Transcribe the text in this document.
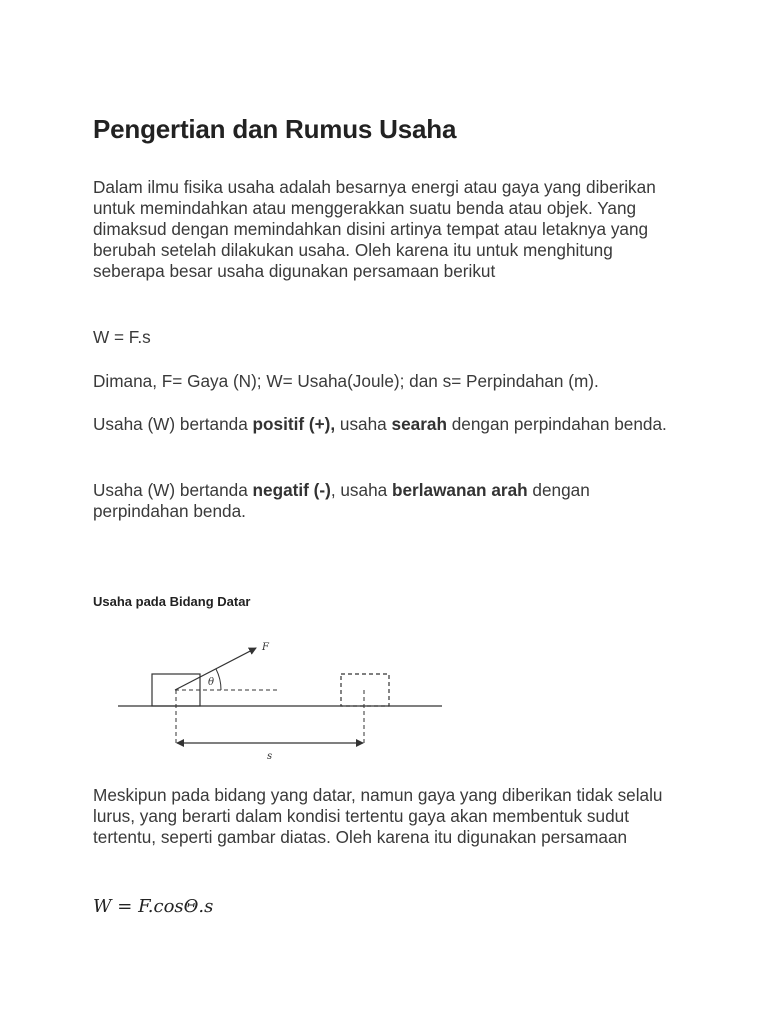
Pengertian dan Rumus Usaha

Dalam ilmu fisika usaha adalah besarnya energi atau gaya yang diberikan untuk memindahkan atau menggerakkan suatu benda atau objek. Yang dimaksud dengan memindahkan disini artinya tempat atau letaknya yang berubah setelah dilakukan usaha. Oleh karena itu untuk menghitung seberapa besar usaha digunakan persamaan berikut

W = F.s

Dimana, F= Gaya (N); W= Usaha(Joule); dan s= Perpindahan (m).

Usaha (W) bertanda positif (+), usaha searah dengan perpindahan benda.

Usaha (W) bertanda negatif (-), usaha berlawanan arah dengan perpindahan benda.

Usaha pada Bidang Datar

Meskipun pada bidang yang datar, namun gaya yang diberikan tidak selalu lurus, yang berarti dalam kondisi tertentu gaya akan membentuk sudut tertentu, seperti gambar diatas. Oleh karena itu digunakan persamaan

W = F.cosΘ.s

F
θ
s
